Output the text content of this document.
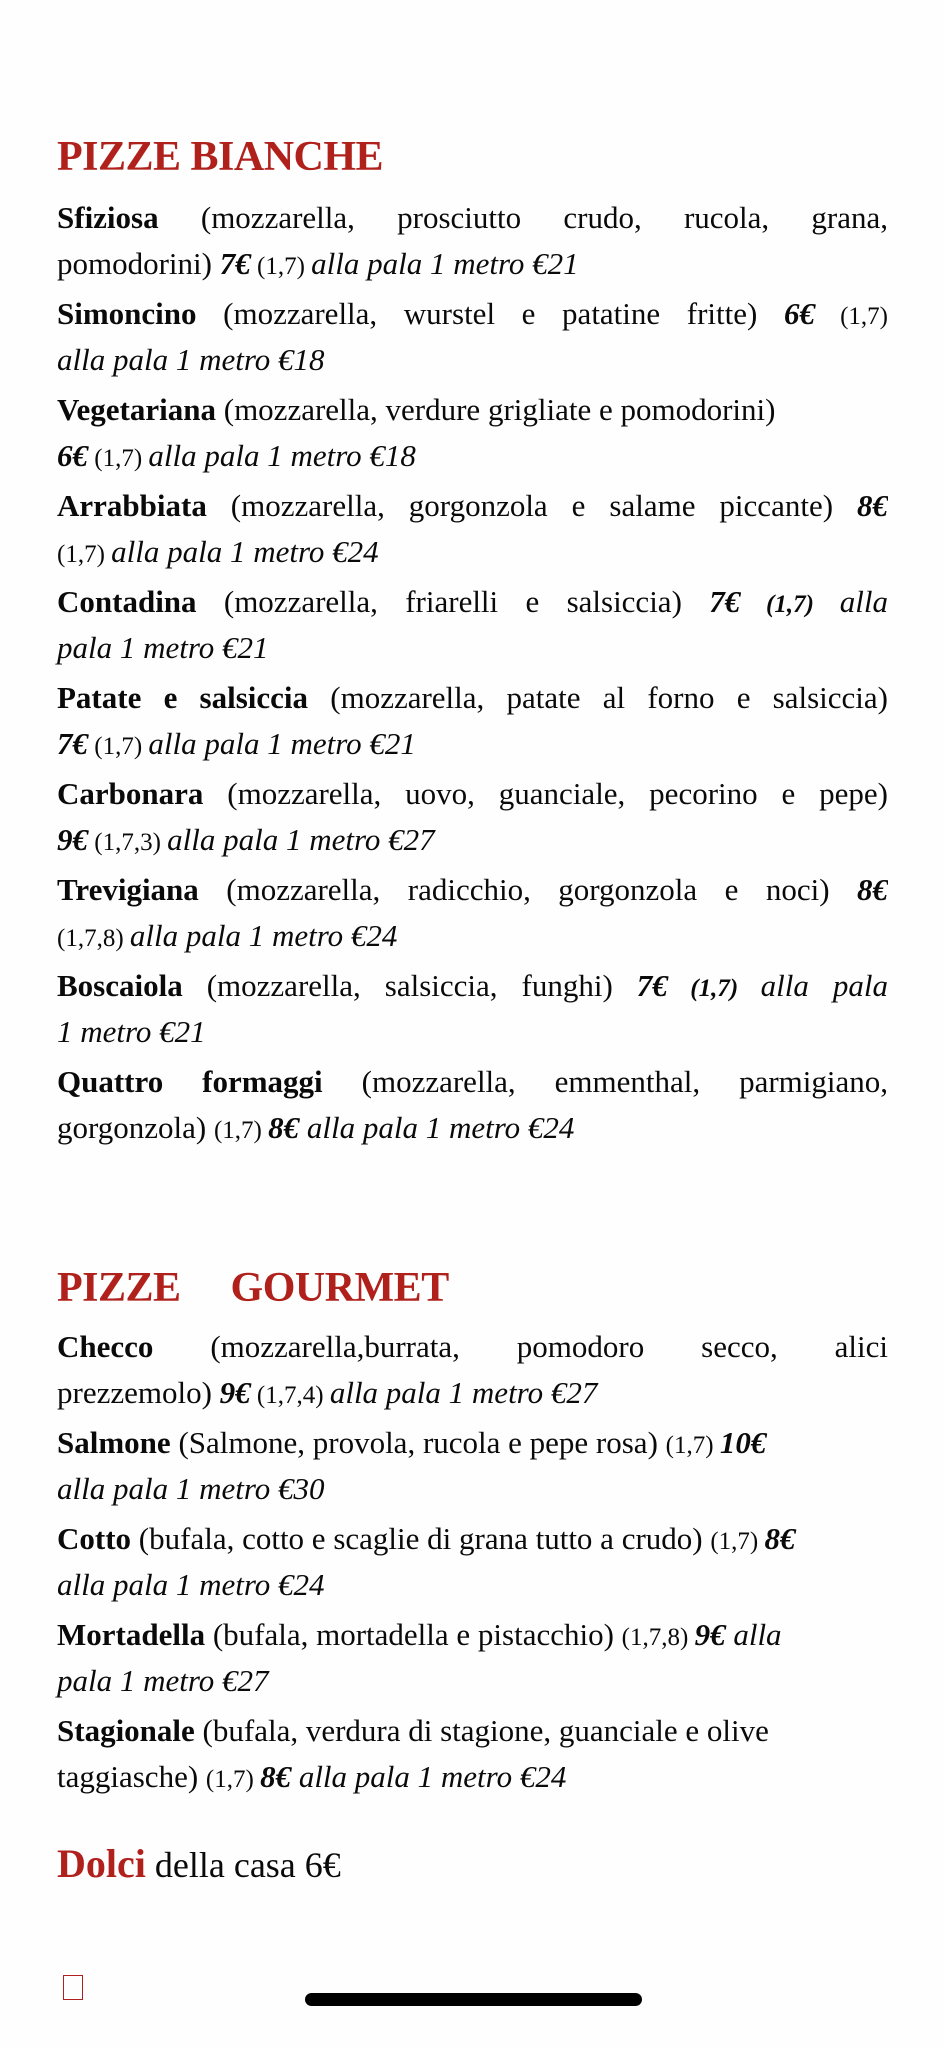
PIZZE BIANCHE
Sfiziosa (mozzarella, prosciutto crudo, rucola, grana,
pomodorini) 7€ (1,7) alla pala 1 metro €21
Simoncino (mozzarella, wurstel e patatine fritte) 6€ (1,7)
alla pala 1 metro €18
Vegetariana (mozzarella, verdure grigliate e pomodorini)
6€ (1,7) alla pala 1 metro €18
Arrabbiata (mozzarella, gorgonzola e salame piccante) 8€
(1,7) alla pala 1 metro €24
Contadina (mozzarella, friarelli e salsiccia) 7€ (1,7) alla
pala 1 metro €21
Patate e salsiccia (mozzarella, patate al forno e salsiccia)
7€ (1,7) alla pala 1 metro €21
Carbonara (mozzarella, uovo, guanciale, pecorino e pepe)
9€ (1,7,3) alla pala 1 metro €27
Trevigiana (mozzarella, radicchio, gorgonzola e noci) 8€
(1,7,8) alla pala 1 metro €24
Boscaiola (mozzarella, salsiccia, funghi) 7€ (1,7) alla pala
1 metro €21
Quattro formaggi (mozzarella, emmenthal, parmigiano,
gorgonzola) (1,7) 8€ alla pala 1 metro €24
PIZZE     GOURMET
Checco (mozzarella,burrata, pomodoro secco, alici
prezzemolo) 9€ (1,7,4) alla pala 1 metro €27
Salmone (Salmone, provola, rucola e pepe rosa) (1,7) 10€
alla pala 1 metro €30
Cotto (bufala, cotto e scaglie di grana tutto a crudo) (1,7) 8€
alla pala 1 metro €24
Mortadella (bufala, mortadella e pistacchio) (1,7,8) 9€ alla
pala 1 metro €27
Stagionale (bufala, verdura di stagione, guanciale e olive
taggiasche) (1,7) 8€ alla pala 1 metro €24
Dolci della casa 6€
